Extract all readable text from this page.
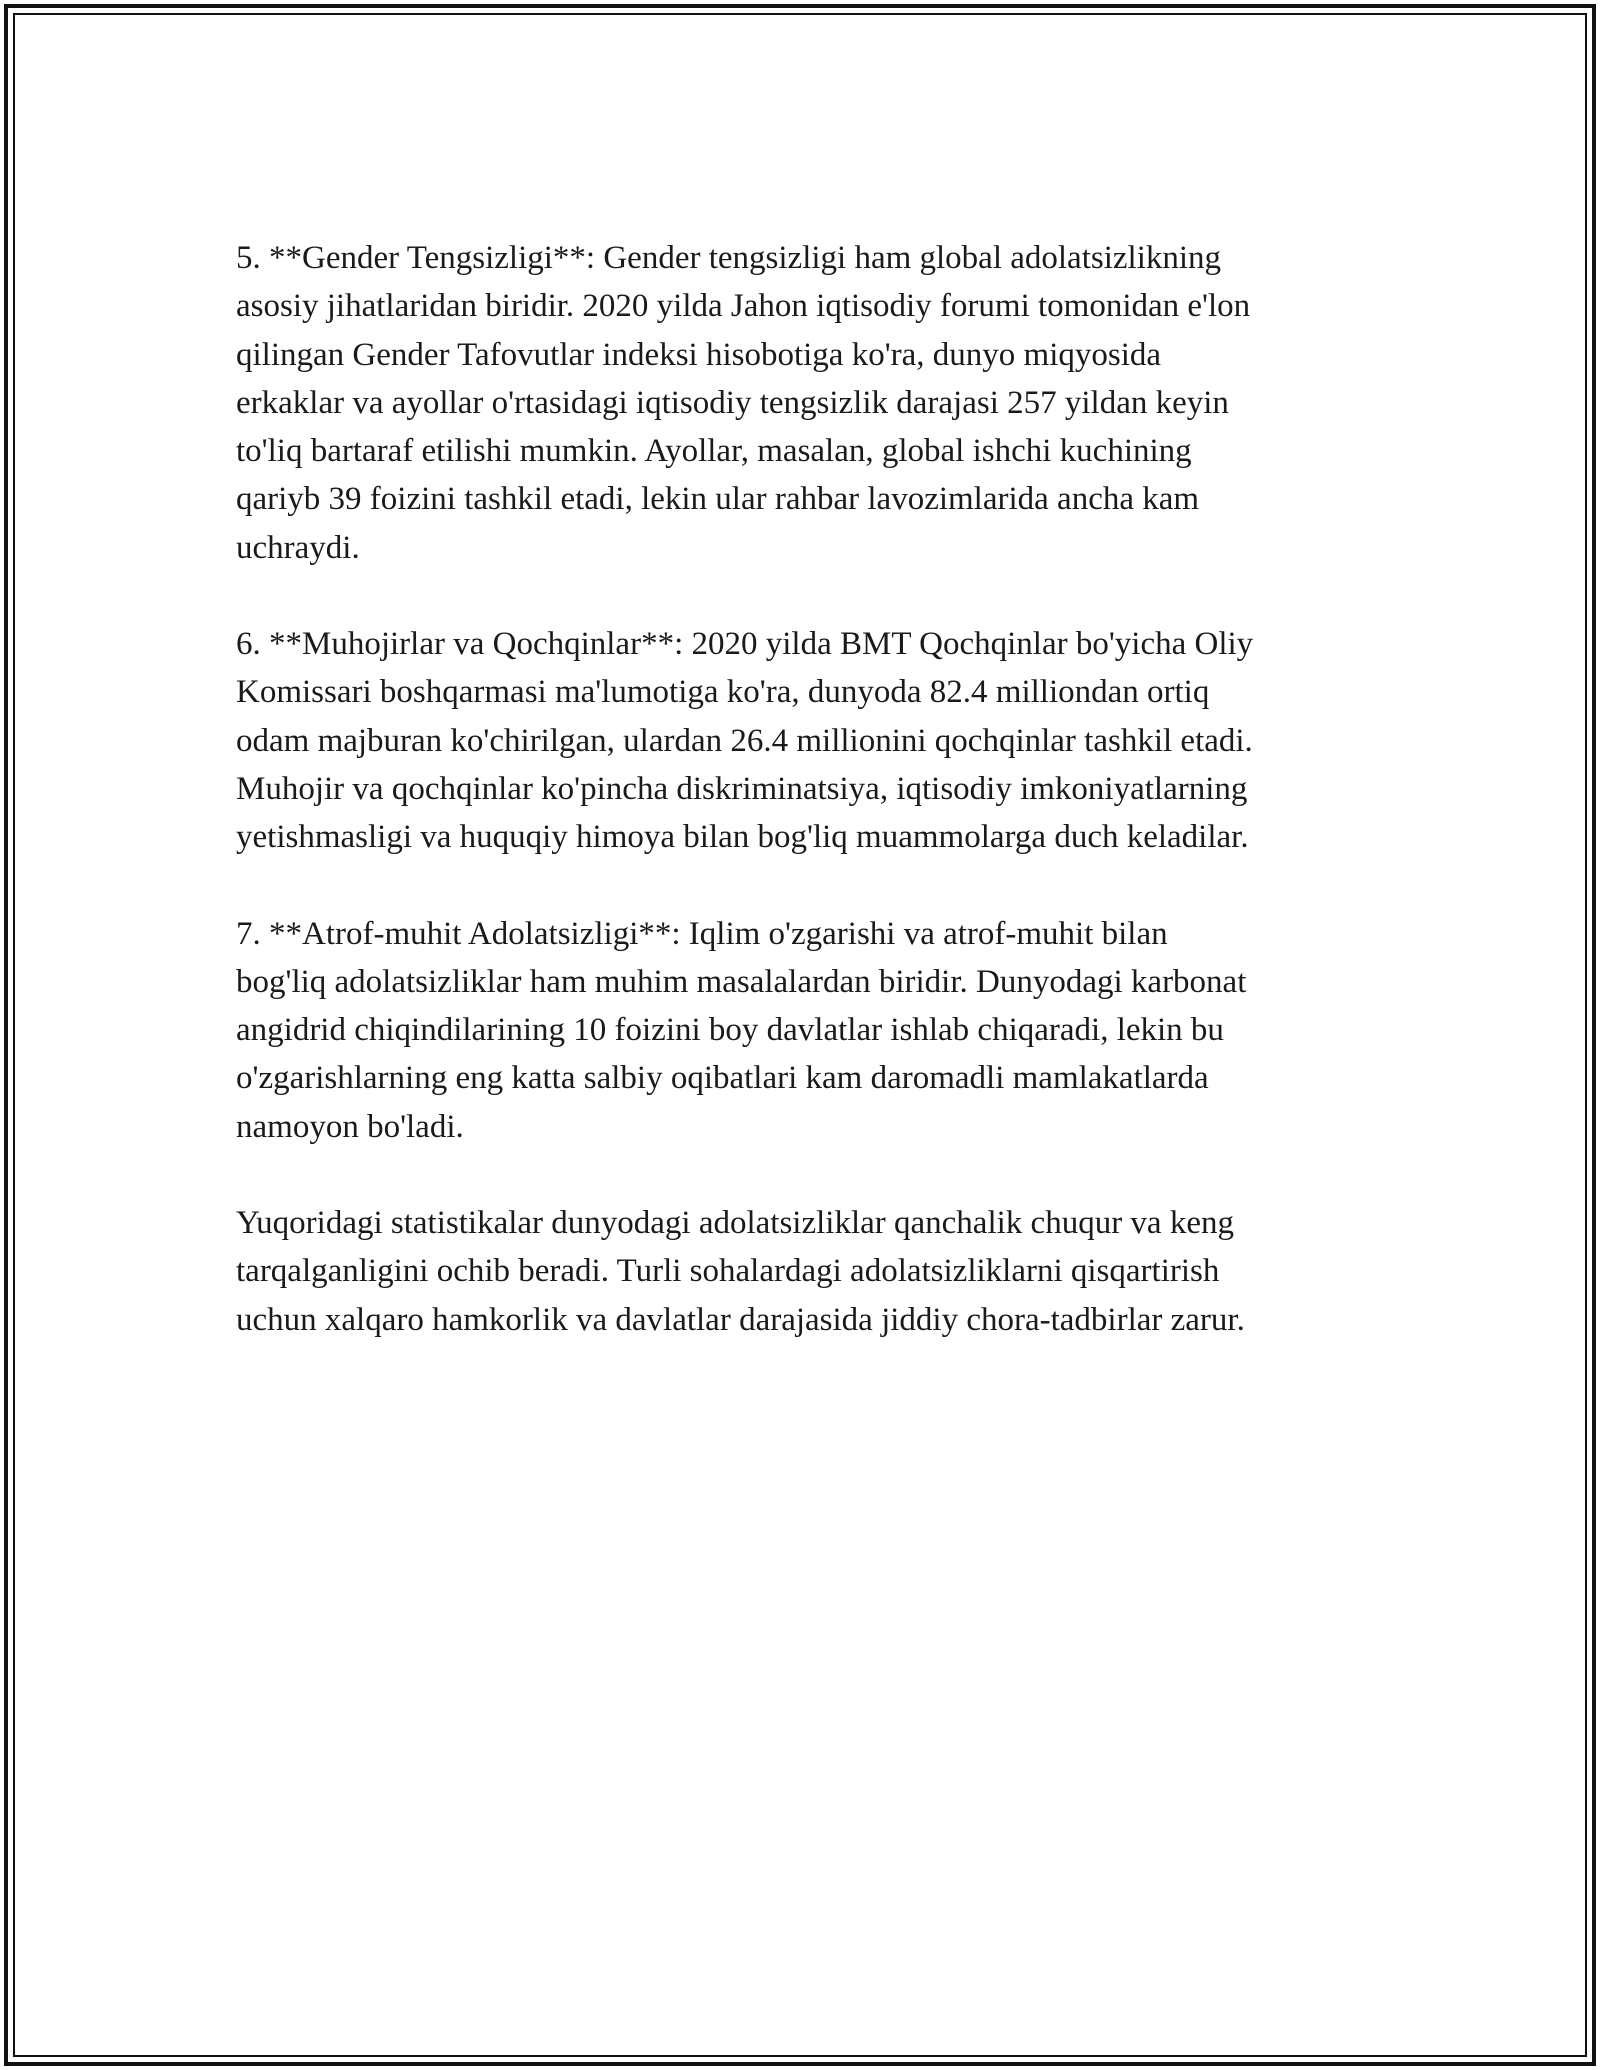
5. **Gender Tengsizligi**: Gender tengsizligi ham global adolatsizlikning
asosiy jihatlaridan biridir. 2020 yilda Jahon iqtisodiy forumi tomonidan e'lon
qilingan Gender Tafovutlar indeksi hisobotiga ko'ra, dunyo miqyosida
erkaklar va ayollar o'rtasidagi iqtisodiy tengsizlik darajasi 257 yildan keyin
to'liq bartaraf etilishi mumkin. Ayollar, masalan, global ishchi kuchining
qariyb 39 foizini tashkil etadi, lekin ular rahbar lavozimlarida ancha kam
uchraydi.

6. **Muhojirlar va Qochqinlar**: 2020 yilda BMT Qochqinlar bo'yicha Oliy
Komissari boshqarmasi ma'lumotiga ko'ra, dunyoda 82.4 milliondan ortiq
odam majburan ko'chirilgan, ulardan 26.4 millionini qochqinlar tashkil etadi.
Muhojir va qochqinlar ko'pincha diskriminatsiya, iqtisodiy imkoniyatlarning
yetishmasligi va huquqiy himoya bilan bog'liq muammolarga duch keladilar.

7. **Atrof-muhit Adolatsizligi**: Iqlim o'zgarishi va atrof-muhit bilan
bog'liq adolatsizliklar ham muhim masalalardan biridir. Dunyodagi karbonat
angidrid chiqindilarining 10 foizini boy davlatlar ishlab chiqaradi, lekin bu
o'zgarishlarning eng katta salbiy oqibatlari kam daromadli mamlakatlarda
namoyon bo'ladi.

Yuqoridagi statistikalar dunyodagi adolatsizliklar qanchalik chuqur va keng
tarqalganligini ochib beradi. Turli sohalardagi adolatsizliklarni qisqartirish
uchun xalqaro hamkorlik va davlatlar darajasida jiddiy chora-tadbirlar zarur.
